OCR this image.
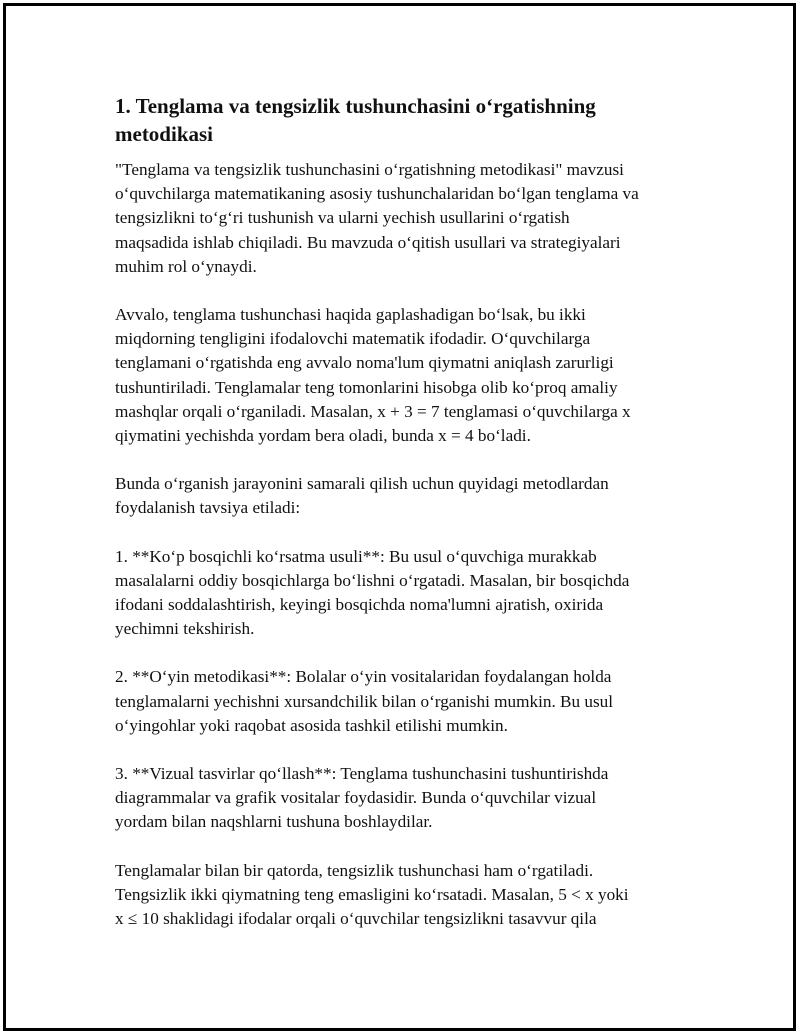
1. Tenglama va tengsizlik tushunchasini o‘rgatishning
metodikasi
"Tenglama va tengsizlik tushunchasini o‘rgatishning metodikasi" mavzusi
o‘quvchilarga matematikaning asosiy tushunchalaridan bo‘lgan tenglama va
tengsizlikni to‘g‘ri tushunish va ularni yechish usullarini o‘rgatish
maqsadida ishlab chiqiladi. Bu mavzuda o‘qitish usullari va strategiyalari
muhim rol o‘ynaydi.
Avvalo, tenglama tushunchasi haqida gaplashadigan bo‘lsak, bu ikki
miqdorning tengligini ifodalovchi matematik ifodadir. O‘quvchilarga
tenglamani o‘rgatishda eng avvalo noma'lum qiymatni aniqlash zarurligi
tushuntiriladi. Tenglamalar teng tomonlarini hisobga olib ko‘proq amaliy
mashqlar orqali o‘rganiladi. Masalan, x + 3 = 7 tenglamasi o‘quvchilarga x
qiymatini yechishda yordam bera oladi, bunda x = 4 bo‘ladi.
Bunda o‘rganish jarayonini samarali qilish uchun quyidagi metodlardan
foydalanish tavsiya etiladi:
1. **Ko‘p bosqichli ko‘rsatma usuli**: Bu usul o‘quvchiga murakkab
masalalarni oddiy bosqichlarga bo‘lishni o‘rgatadi. Masalan, bir bosqichda
ifodani soddalashtirish, keyingi bosqichda noma'lumni ajratish, oxirida
yechimni tekshirish.
2. **O‘yin metodikasi**: Bolalar o‘yin vositalaridan foydalangan holda
tenglamalarni yechishni xursandchilik bilan o‘rganishi mumkin. Bu usul
o‘yingohlar yoki raqobat asosida tashkil etilishi mumkin.
3. **Vizual tasvirlar qo‘llash**: Tenglama tushunchasini tushuntirishda
diagrammalar va grafik vositalar foydasidir. Bunda o‘quvchilar vizual
yordam bilan naqshlarni tushuna boshlaydilar.
Tenglamalar bilan bir qatorda, tengsizlik tushunchasi ham o‘rgatiladi.
Tengsizlik ikki qiymatning teng emasligini ko‘rsatadi. Masalan, 5 < x yoki
x ≤ 10 shaklidagi ifodalar orqali o‘quvchilar tengsizlikni tasavvur qila
